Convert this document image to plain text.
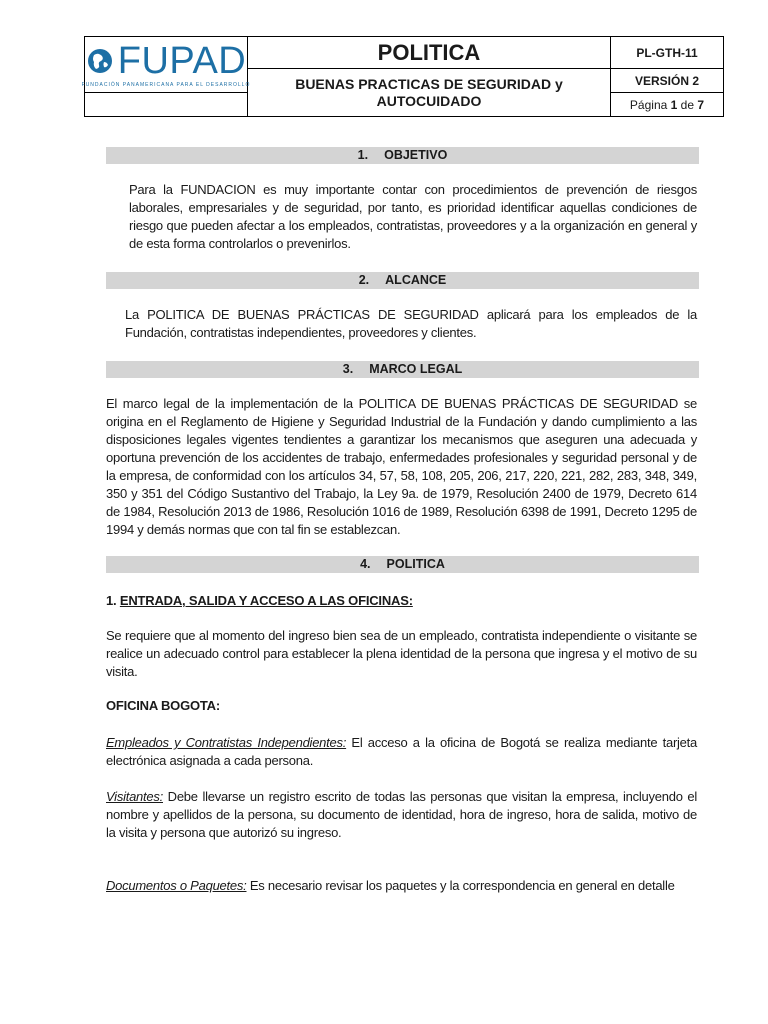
FUPAD
FUNDACIÓN PANAMERICANA PARA EL DESARROLLO	POLITICA	PL-GTH-11

	BUENAS PRACTICAS DE SEGURIDAD y AUTOCUIDADO	VERSIÓN 2
		Página 1 de 7
1. OBJETIVO
Para la FUNDACION es muy importante contar con procedimientos de prevención de riesgos laborales, empresariales y de seguridad, por tanto, es prioridad identificar aquellas condiciones de riesgo que pueden afectar a los empleados, contratistas, proveedores y a la organización en general y de esta forma controlarlos o prevenirlos.
2. ALCANCE
La POLITICA DE BUENAS PRÁCTICAS DE SEGURIDAD aplicará para los empleados de la Fundación, contratistas independientes, proveedores y clientes.
3. MARCO LEGAL
El marco legal de la implementación de la POLITICA DE BUENAS PRÁCTICAS DE SEGURIDAD se origina en el Reglamento de Higiene y Seguridad Industrial de la Fundación y dando cumplimiento a las disposiciones legales vigentes tendientes a garantizar los mecanismos que aseguren una adecuada y oportuna prevención de los accidentes de trabajo, enfermedades profesionales y seguridad personal y de la empresa, de conformidad con los artículos 34, 57, 58, 108, 205, 206, 217, 220, 221, 282, 283, 348, 349, 350 y 351 del Código Sustantivo del Trabajo, la Ley 9a. de 1979, Resolución 2400 de 1979, Decreto 614 de 1984, Resolución 2013 de 1986, Resolución 1016 de 1989, Resolución 6398 de 1991, Decreto 1295 de 1994 y demás normas que con tal fin se establezcan.
4. POLITICA
1. ENTRADA, SALIDA Y ACCESO A LAS OFICINAS:
Se requiere que al momento del ingreso bien sea de un empleado, contratista independiente o visitante se realice un adecuado control para establecer la plena identidad de la persona que ingresa y el motivo de su visita.
OFICINA BOGOTA:
Empleados y Contratistas Independientes: El acceso a la oficina de Bogotá se realiza mediante tarjeta electrónica asignada a cada persona.
Visitantes: Debe llevarse un registro escrito de todas las personas que visitan la empresa, incluyendo el nombre y apellidos de la persona, su documento de identidad, hora de ingreso, hora de salida, motivo de la visita y persona que autorizó su ingreso.
Documentos o Paquetes: Es necesario revisar los paquetes y la correspondencia en general en detalle
